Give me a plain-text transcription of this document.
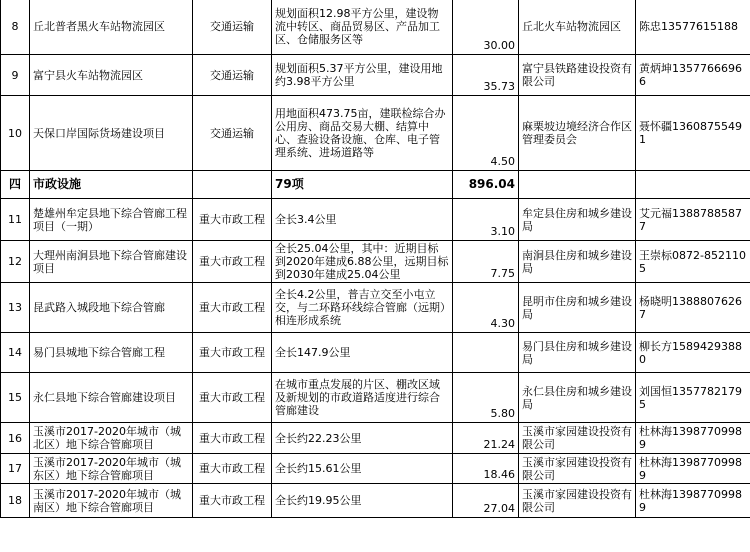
8	丘北普者黑火车站物流园区	交通运输	规划面积12.98平方公里，建设物流中转区、商品贸易区、产品加工区、仓储服务区等	30.00	丘北火车站物流园区	陈忠13577615188
9	富宁县火车站物流园区	交通运输	规划面积5.37平方公里，建设用地约3.98平方公里	35.73	富宁县铁路建设投资有限公司	黄炳坤13577666966
10	天保口岸国际货场建设项目	交通运输	用地面积473.75亩，建联检综合办公用房、商品交易大棚、结算中心、查验设备设施、仓库、电子管理系统、进场道路等	4.50	麻栗坡边境经济合作区管理委员会	聂怀疆13608755491
四	市政设施		79项	896.04		
11	楚雄州牟定县地下综合管廊工程项目（一期）	重大市政工程	全长3.4公里	3.10	牟定县住房和城乡建设局	艾元福13887885877
12	大理州南涧县地下综合管廊建设项目	重大市政工程	全长25.04公里，其中：近期目标到2020年建成6.88公里，远期目标到2030年建成25.04公里	7.75	南涧县住房和城乡建设局	王崇标0872-8521105
13	昆武路入城段地下综合管廊	重大市政工程	全长4.2公里，普吉立交至小屯立交，与二环路环线综合管廊（远期）相连形成系统	4.30	昆明市住房和城乡建设局	杨晓明13888076267
14	易门县城地下综合管廊工程	重大市政工程	全长147.9公里		易门县住房和城乡建设局	柳长方15894293880
15	永仁县地下综合管廊建设项目	重大市政工程	在城市重点发展的片区、棚改区域及新规划的市政道路适度进行综合管廊建设	5.80	永仁县住房和城乡建设局	刘国恒13577821795
16	玉溪市2017-2020年城市（城北区）地下综合管廊项目	重大市政工程	全长约22.23公里	21.24	玉溪市家园建设投资有限公司	杜林海13987709989
17	玉溪市2017-2020年城市（城东区）地下综合管廊项目	重大市政工程	全长约15.61公里	18.46	玉溪市家园建设投资有限公司	杜林海13987709989
18	玉溪市2017-2020年城市（城南区）地下综合管廊项目	重大市政工程	全长约19.95公里	27.04	玉溪市家园建设投资有限公司	杜林海13987709989
